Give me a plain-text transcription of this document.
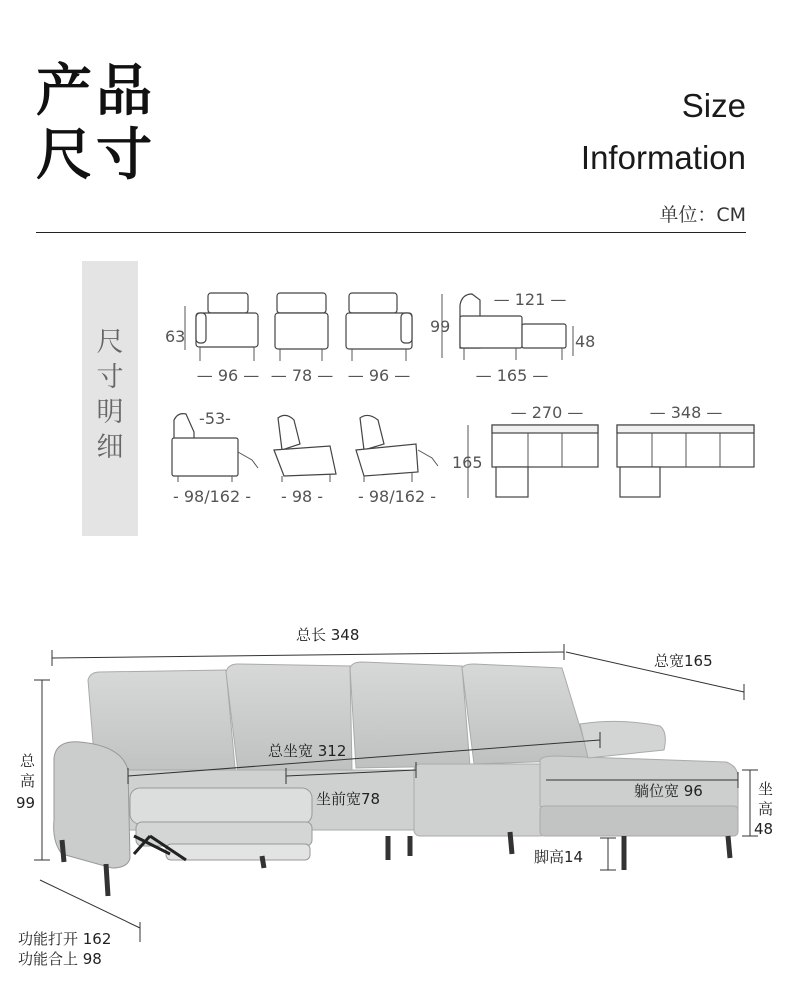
产品
尺寸
Size
Information
单位：CM
尺
寸
明
细
63
— 96 — — 78 — — 96 —
99
— 121 —
48
— 165 —
-53-
- 98/162 - - 98 - - 98/162 -
165
— 270 —	— 348 —
总长 348
总宽165
总
高
99
总坐宽 312
坐前宽78	躺位宽 96	坐
高
48
脚高14
功能打开 162
功能合上 98
